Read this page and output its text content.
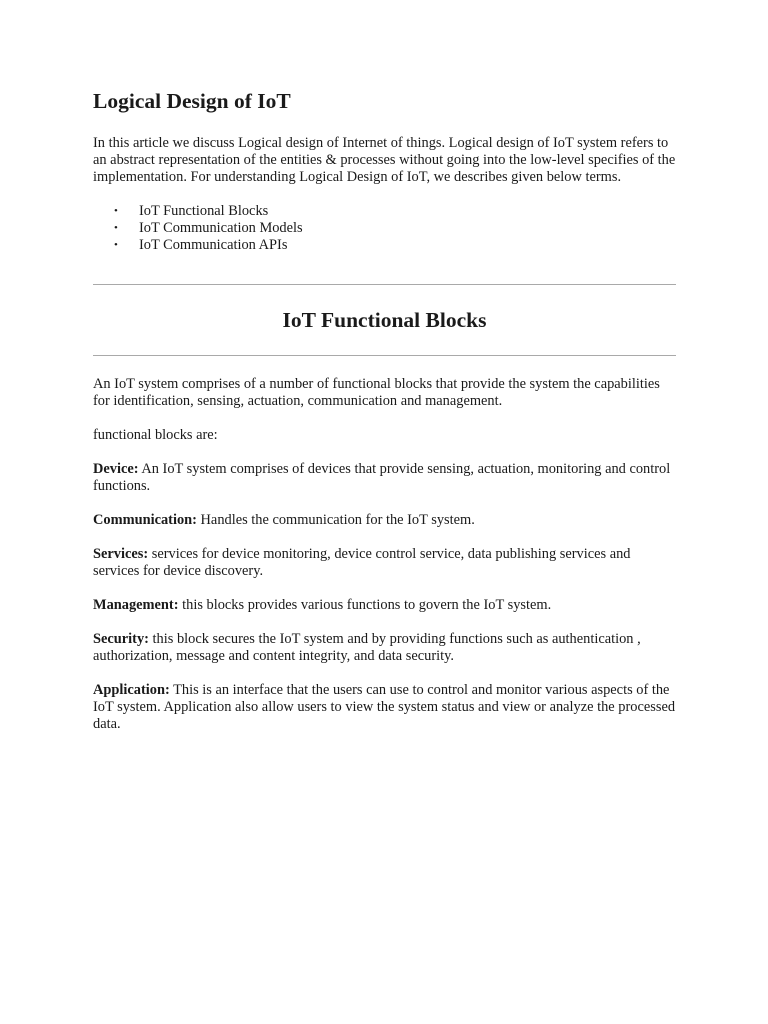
Logical Design of IoT

In this article we discuss Logical design of Internet of things. Logical design of IoT system refers to an abstract representation of the entities & processes without going into the low-level specifies of the implementation. For understanding Logical Design of IoT, we describes given below terms.

• IoT Functional Blocks
• IoT Communication Models
• IoT Communication APIs
IoT Functional Blocks

An IoT system comprises of a number of functional blocks that provide the system the capabilities for identification, sensing, actuation, communication and management.

functional blocks are:

Device: An IoT system comprises of devices that provide sensing, actuation, monitoring and control functions.

Communication: Handles the communication for the IoT system.

Services: services for device monitoring, device control service, data publishing services and services for device discovery.

Management: this blocks provides various functions to govern the IoT system.

Security: this block secures the IoT system and by providing functions such as authentication , authorization, message and content integrity, and data security.

Application: This is an interface that the users can use to control and monitor various aspects of the IoT system. Application also allow users to view the system status and view or analyze the processed data.
